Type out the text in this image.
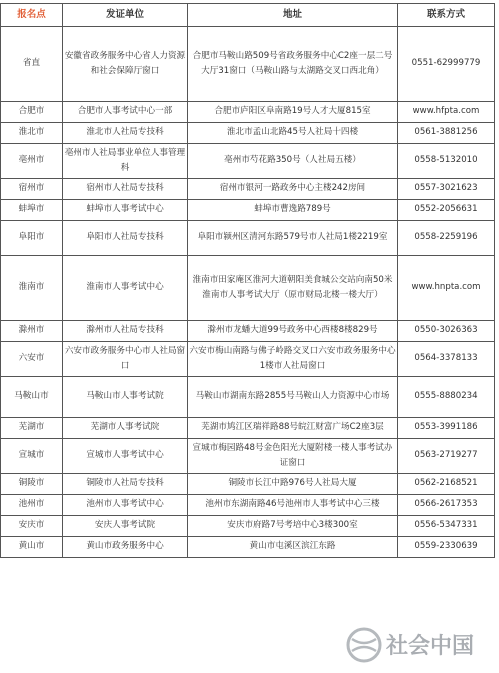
报名点	发证单位	地址	联系方式
省直	安徽省政务服务中心省人力资源和社会保障厅窗口	合肥市马鞍山路509号省政务服务中心C2座一层二号大厅31窗口（马鞍山路与太湖路交叉口西北角）	0551-62999779
合肥市	合肥市人事考试中心一部	合肥市庐阳区阜南路19号人才大厦815室	www.hfpta.com
淮北市	淮北市人社局专技科	淮北市孟山北路45号人社局十四楼	0561-3881256
亳州市	亳州市人社局事业单位人事管理科	亳州市芍花路350号（人社局五楼）	0558-5132010
宿州市	宿州市人社局专技科	宿州市银河一路政务中心主楼242房间	0557-3021623
蚌埠市	蚌埠市人事考试中心	蚌埠市曹逸路789号	0552-2056631
阜阳市	阜阳市人社局专技科	阜阳市颍州区清河东路579号市人社局1楼2219室	0558-2259196
淮南市	淮南市人事考试中心	淮南市田家庵区淮河大道朝阳美食城公交站向南50米淮南市人事考试大厅（原市财局北楼一楼大厅）	www.hnpta.com
滁州市	滁州市人社局专技科	滁州市龙蟠大道99号政务中心西楼8楼829号	0550-3026363
六安市	六安市政务服务中心市人社局窗口	六安市梅山南路与佛子岭路交叉口六安市政务服务中心1楼市人社局窗口	0564-3378133
马鞍山市	马鞍山市人事考试院	马鞍山市湖南东路2855号马鞍山人力资源中心市场	0555-8880234
芜湖市	芜湖市人事考试院	芜湖市鸠江区瑞祥路88号皖江财富广场C2座3层	0553-3991186
宣城市	宣城市人事考试中心	宣城市梅园路48号金色阳光大厦附楼一楼人事考试办证窗口	0563-2719277
铜陵市	铜陵市人社局专技科	铜陵市长江中路976号人社局大厦	0562-2168521
池州市	池州市人事考试中心	池州市东湖南路46号池州市人事考试中心三楼	0566-2617353
安庆市	安庆人事考试院	安庆市府路7号考培中心3楼300室	0556-5347331
黄山市	黄山市政务服务中心	黄山市屯溪区滨江东路	0559-2330639
社会中国
